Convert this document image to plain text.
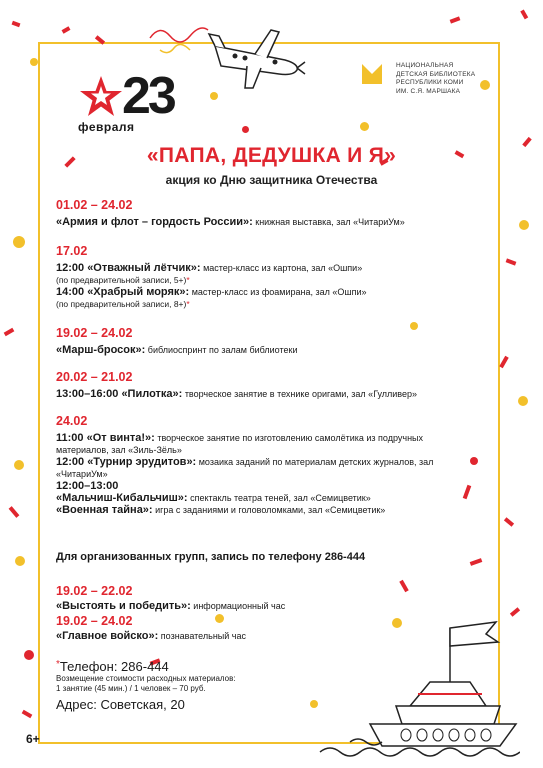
23
февраля
НАЦИОНАЛЬНАЯ
ДЕТСКАЯ БИБЛИОТЕКА
РЕСПУБЛИКИ КОМИ
ИМ. С.Я. МАРШАКА
«ПАПА, ДЕДУШКА И Я»
акция ко Дню защитника Отечества
01.02 – 24.02
«Армия и флот – гордость России»: книжная выставка, зал «ЧитариУм»
17.02
12:00 «Отважный лётчик»: мастер-класс из картона, зал «Ошпи»
(по предварительной записи, 5+)*
14:00 «Храбрый моряк»: мастер-класс из фоамирана, зал «Ошпи»
(по предварительной записи, 8+)*
19.02 – 24.02
«Марш-бросок»: библиоспринт по залам библиотеки
20.02 – 21.02
13:00–16:00 «Пилотка»: творческое занятие в технике оригами, зал «Гулливер»
24.02
11:00 «От винта!»: творческое занятие по изготовлению самолётика из подручных материалов, зал «Зиль-Зёль»
12:00 «Турнир эрудитов»: мозаика заданий по материалам детских журналов, зал «ЧитариУм»
12:00–13:00
«Мальчиш-Кибальчиш»: спектакль театра теней, зал «Семицветик»
«Военная тайна»: игра с заданиями и головоломками, зал «Семицветик»
Для организованных групп, запись по телефону 286-444
19.02 – 22.02
«Выстоять и победить»: информационный час
19.02 – 24.02
«Главное войско»: познавательный час
*Телефон: 286-444
Возмещение стоимости расходных материалов:
1 занятие (45 мин.) / 1 человек – 70 руб.
Адрес: Советская, 20
6+
